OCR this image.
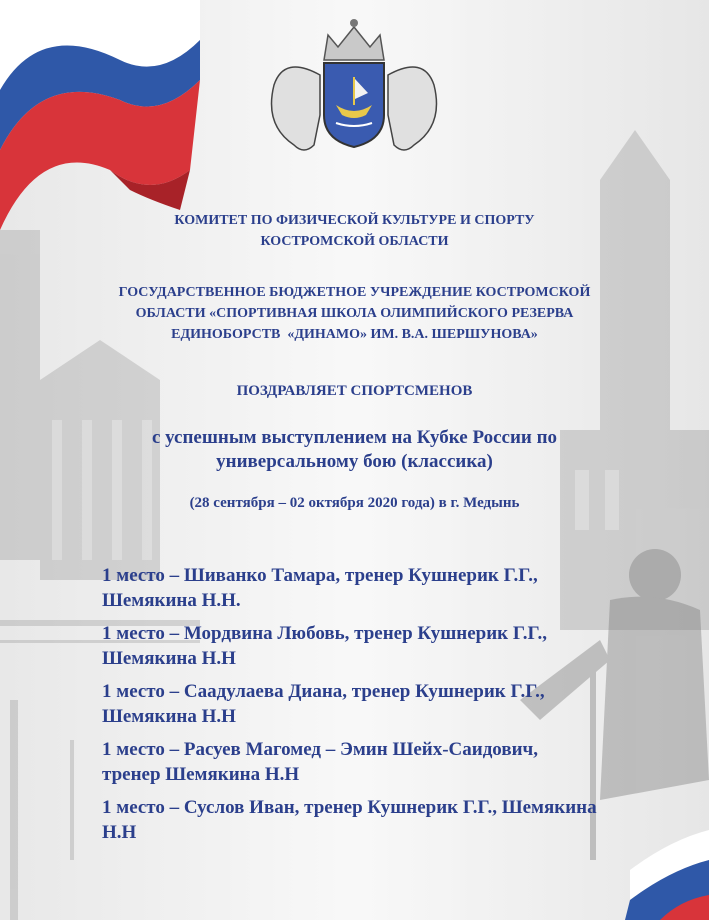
КОМИТЕТ ПО ФИЗИЧЕСКОЙ КУЛЬТУРЕ И СПОРТУ
КОСТРОМСКОЙ ОБЛАСТИ
ГОСУДАРСТВЕННОЕ БЮДЖЕТНОЕ УЧРЕЖДЕНИЕ КОСТРОМСКОЙ
ОБЛАСТИ «СПОРТИВНАЯ ШКОЛА ОЛИМПИЙСКОГО РЕЗЕРВА
ЕДИНОБОРСТВ  «ДИНАМО» ИМ. В.А. ШЕРШУНОВА»
ПОЗДРАВЛЯЕТ СПОРТСМЕНОВ
с успешным выступлением на Кубке России по
универсальному бою (классика)
(28 сентября – 02 октября 2020 года) в г. Медынь
1 место – Шиванко Тамара, тренер Кушнерик Г.Г.,
Шемякина Н.Н.
1 место – Мордвина Любовь, тренер Кушнерик Г.Г.,
Шемякина Н.Н
1 место – Саадулаева Диана, тренер Кушнерик Г.Г.,
Шемякина Н.Н
1 место – Расуев Магомед – Эмин Шейх-Саидович,
тренер Шемякина Н.Н
1 место – Суслов Иван, тренер Кушнерик Г.Г., Шемякина
Н.Н
